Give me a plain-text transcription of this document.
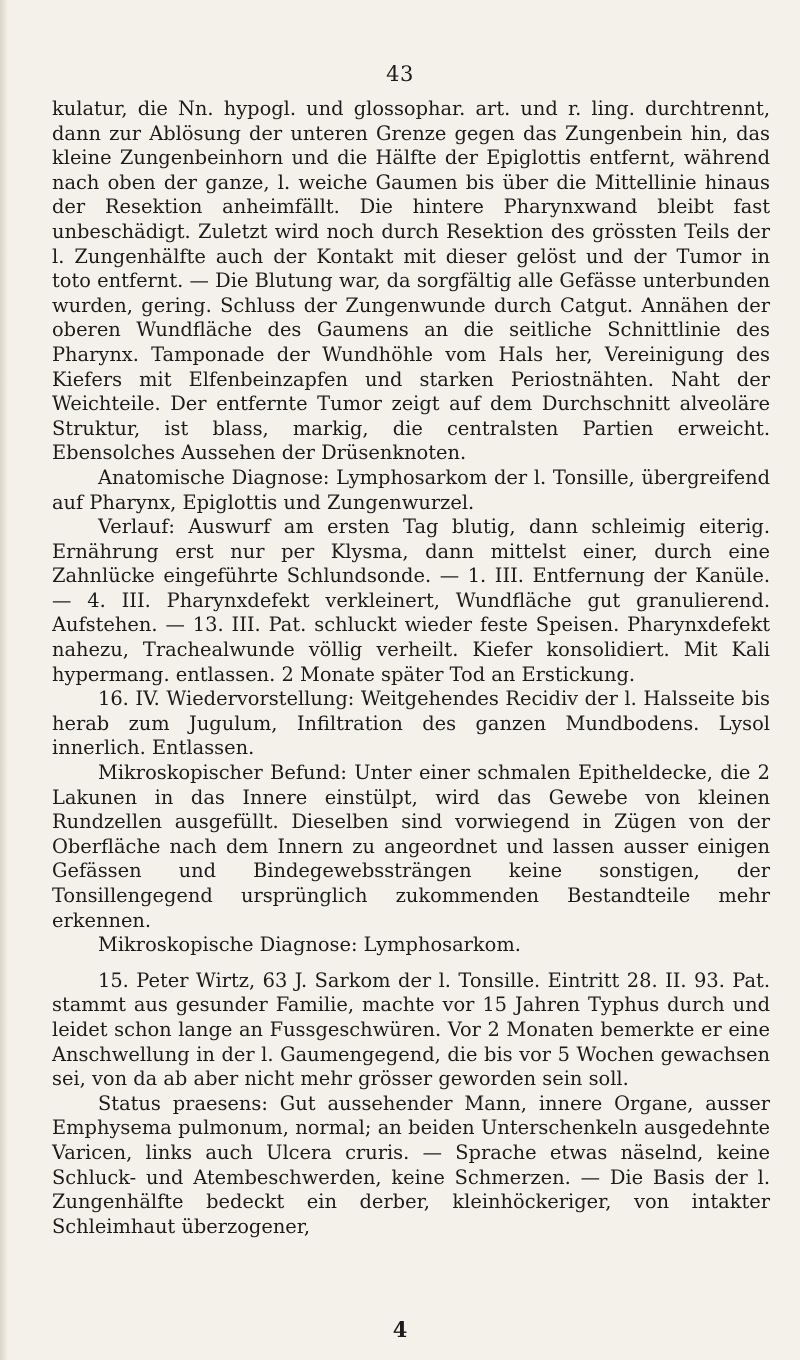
43

kulatur, die Nn. hypogl. und glossophar. art. und r. ling. durchtrennt, dann zur Ablösung der unteren Grenze gegen das Zungenbein hin, das kleine Zungenbeinhorn und die Hälfte der Epiglottis entfernt, während nach oben der ganze, l. weiche Gaumen bis über die Mittellinie hinaus der Resektion anheimfällt. Die hintere Pharynxwand bleibt fast unbeschädigt. Zuletzt wird noch durch Resektion des grössten Teils der l. Zungenhälfte auch der Kontakt mit dieser gelöst und der Tumor in toto entfernt. — Die Blutung war, da sorgfältig alle Gefässe unterbunden wurden, gering. Schluss der Zungenwunde durch Catgut. Annähen der oberen Wundfläche des Gaumens an die seitliche Schnittlinie des Pharynx. Tamponade der Wundhöhle vom Hals her, Vereinigung des Kiefers mit Elfenbeinzapfen und starken Periostnähten. Naht der Weichteile. Der entfernte Tumor zeigt auf dem Durchschnitt alveoläre Struktur, ist blass, markig, die centralsten Partien erweicht. Ebensolches Aussehen der Drüsenknoten.

Anatomische Diagnose: Lymphosarkom der l. Tonsille, übergreifend auf Pharynx, Epiglottis und Zungenwurzel.

Verlauf: Auswurf am ersten Tag blutig, dann schleimig eiterig. Ernährung erst nur per Klysma, dann mittelst einer, durch eine Zahnlücke eingeführte Schlundsonde. — 1. III. Entfernung der Kanüle. — 4. III. Pharynxdefekt verkleinert, Wundfläche gut granulierend. Aufstehen. — 13. III. Pat. schluckt wieder feste Speisen. Pharynxdefekt nahezu, Trachealwunde völlig verheilt. Kiefer konsolidiert. Mit Kali hypermang. entlassen. 2 Monate später Tod an Erstickung.

16. IV. Wiedervorstellung: Weitgehendes Recidiv der l. Halsseite bis herab zum Jugulum, Infiltration des ganzen Mundbodens. Lysol innerlich. Entlassen.

Mikroskopischer Befund: Unter einer schmalen Epitheldecke, die 2 Lakunen in das Innere einstülpt, wird das Gewebe von kleinen Rundzellen ausgefüllt. Dieselben sind vorwiegend in Zügen von der Oberfläche nach dem Innern zu angeordnet und lassen ausser einigen Gefässen und Bindegewebssträngen keine sonstigen, der Tonsillengegend ursprünglich zukommenden Bestandteile mehr erkennen.

Mikroskopische Diagnose: Lymphosarkom.

15. Peter Wirtz, 63 J. Sarkom der l. Tonsille. Eintritt 28. II. 93. Pat. stammt aus gesunder Familie, machte vor 15 Jahren Typhus durch und leidet schon lange an Fussgeschwüren. Vor 2 Monaten bemerkte er eine Anschwellung in der l. Gaumengegend, die bis vor 5 Wochen gewachsen sei, von da ab aber nicht mehr grösser geworden sein soll.

Status praesens: Gut aussehender Mann, innere Organe, ausser Emphysema pulmonum, normal; an beiden Unterschenkeln ausgedehnte Varicen, links auch Ulcera cruris. — Sprache etwas näselnd, keine Schluck- und Atembeschwerden, keine Schmerzen. — Die Basis der l. Zungenhälfte bedeckt ein derber, kleinhöckeriger, von intakter Schleimhaut überzogener,

4
